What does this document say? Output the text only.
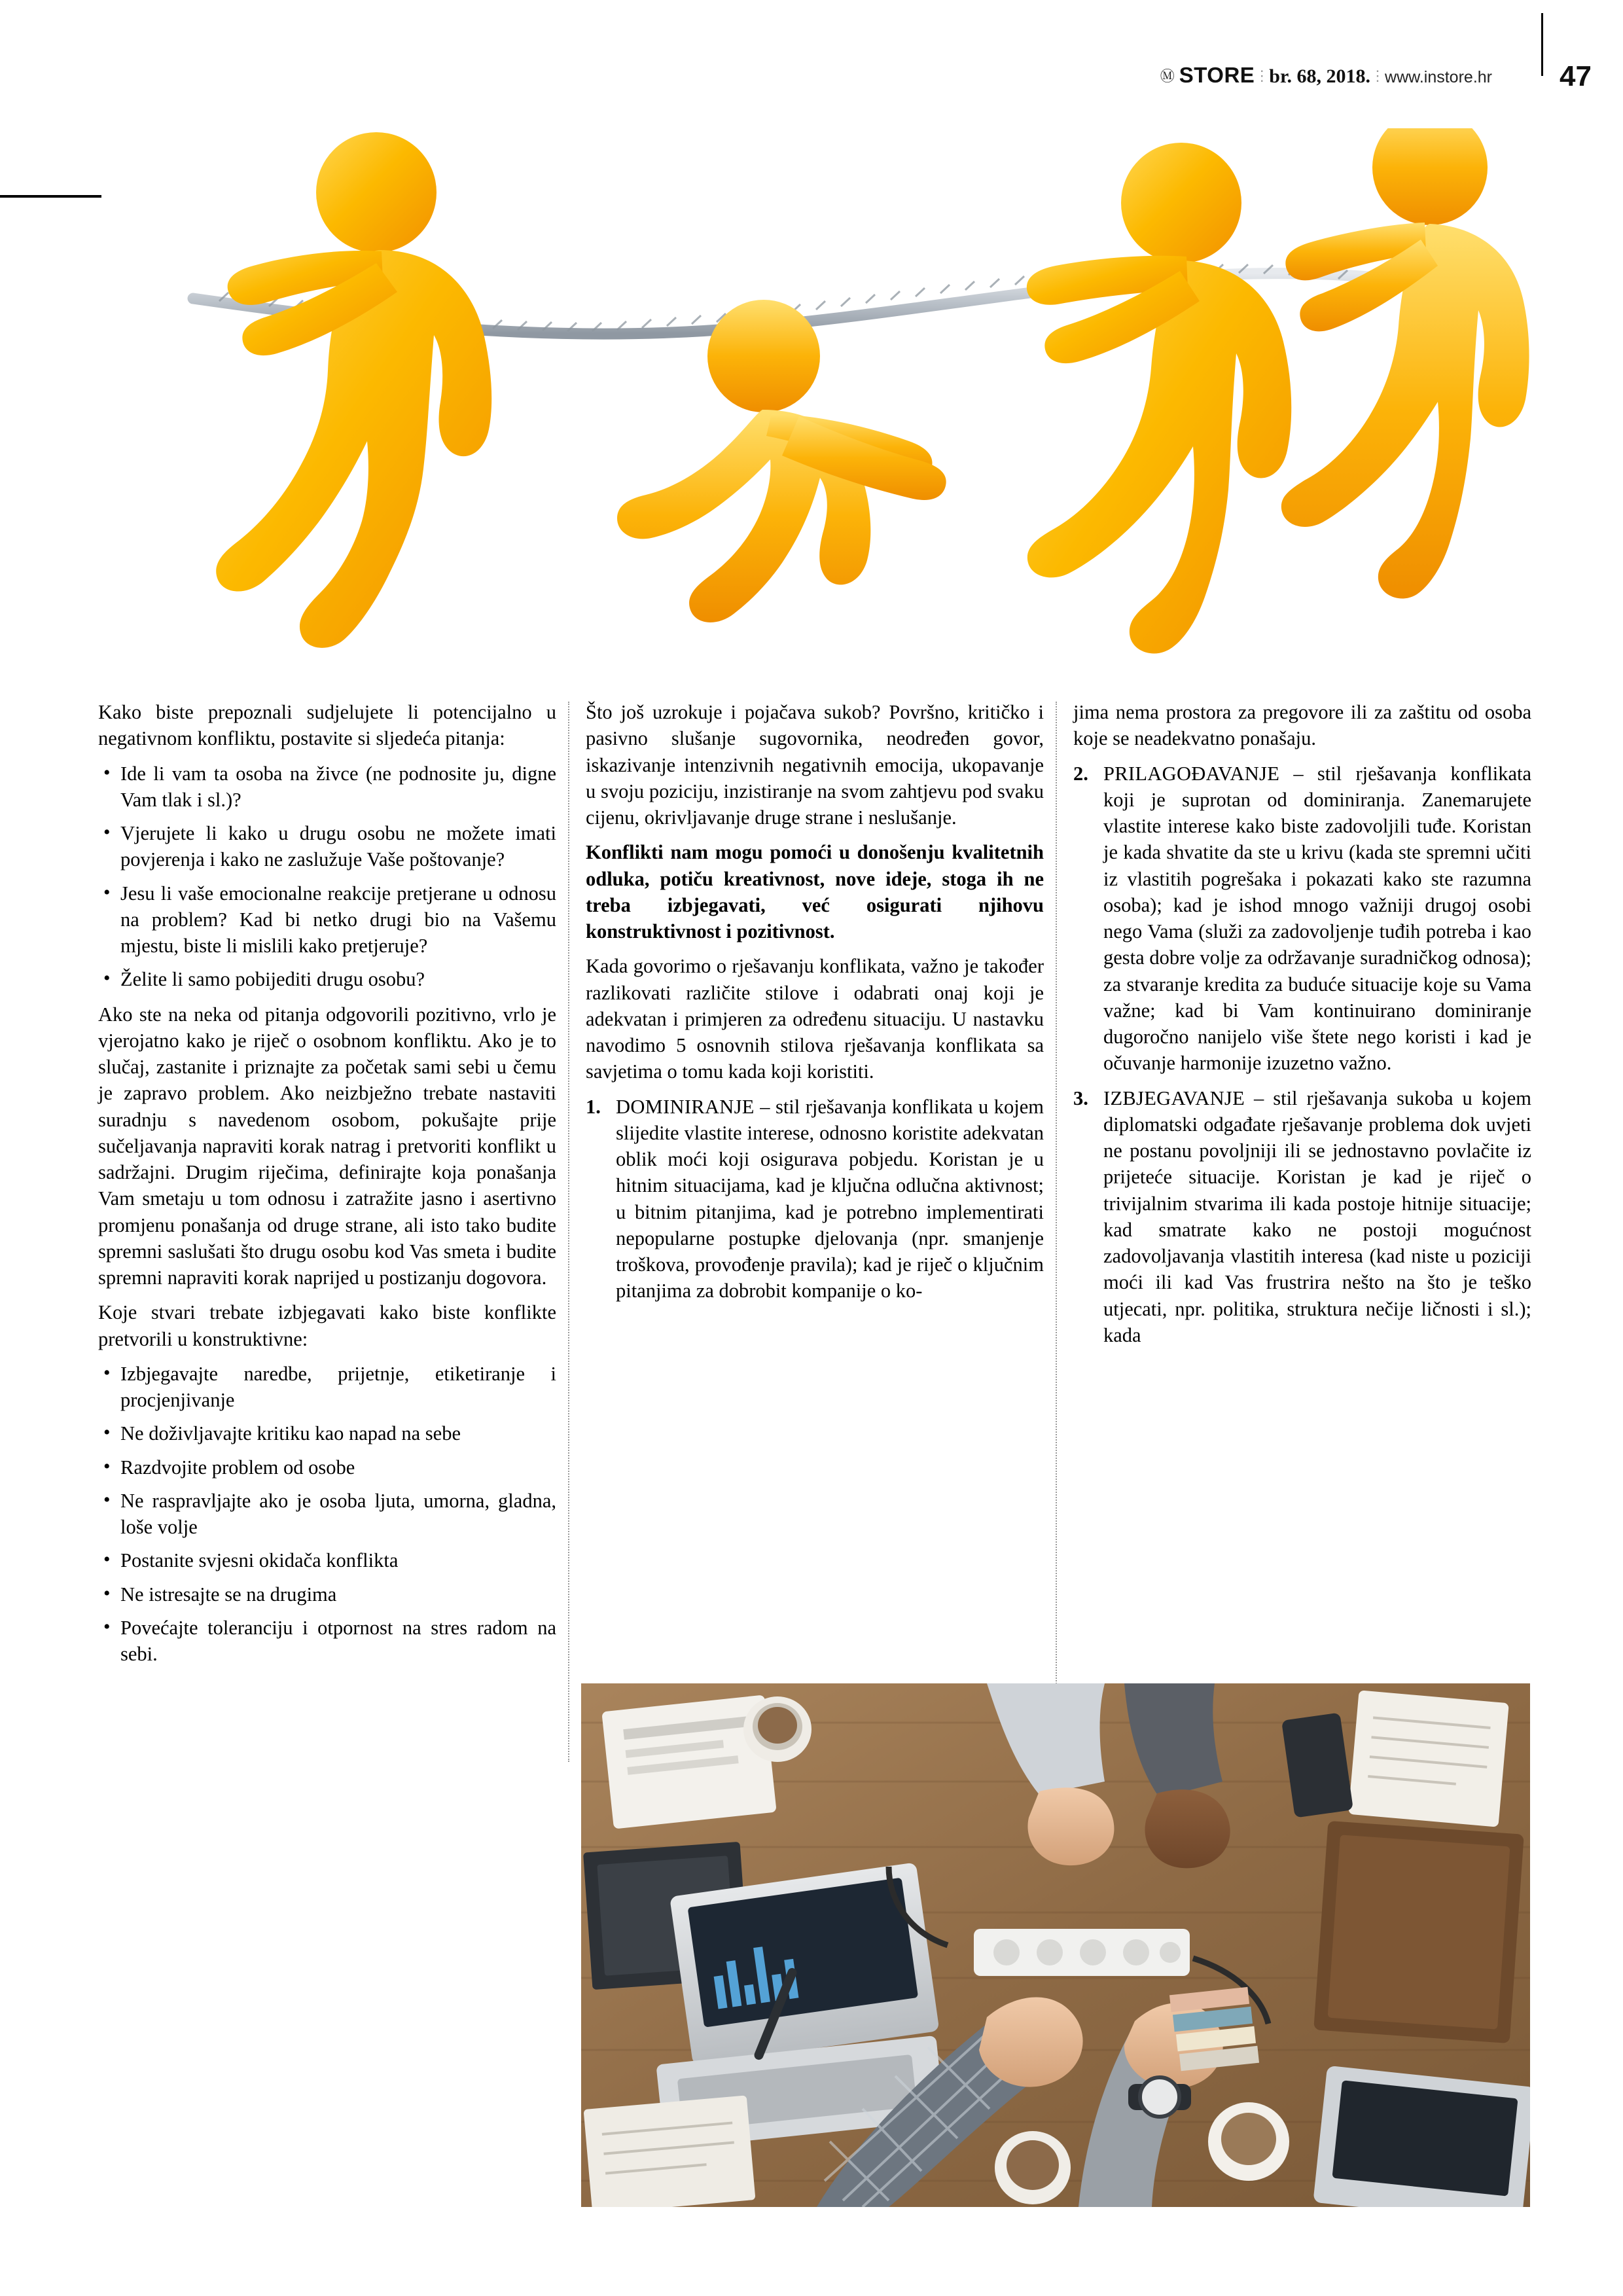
Ⓜ STORE ⋮ br. 68, 2018. ⋮ www.instore.hr 47

Kako biste prepoznali sudjelujete li potencijalno u negativnom konfliktu, postavite si sljedeća pitanja:

• Ide li vam ta osoba na živce (ne podnosite ju, digne Vam tlak i sl.)?
• Vjerujete li kako u drugu osobu ne možete imati povjerenja i kako ne zaslužuje Vaše poštovanje?
• Jesu li vaše emocionalne reakcije pretjerane u odnosu na problem? Kad bi netko drugi bio na Vašemu mjestu, biste li mislili kako pretjeruje?
• Želite li samo pobijediti drugu osobu?

Ako ste na neka od pitanja odgovorili pozitivno, vrlo je vjerojatno kako je riječ o osobnom konfliktu. Ako je to slučaj, zastanite i priznajte za početak sami sebi u čemu je zapravo problem. Ako neizbježno trebate nastaviti suradnju s navedenom osobom, pokušajte prije sučeljavanja napraviti korak natrag i pretvoriti konflikt u sadržajni. Drugim riječima, definirajte koja ponašanja Vam smetaju u tom odnosu i zatražite jasno i asertivno promjenu ponašanja od druge strane, ali isto tako budite spremni saslušati što drugu osobu kod Vas smeta i budite spremni napraviti korak naprijed u postizanju dogovora.

Koje stvari trebate izbjegavati kako biste konflikte pretvorili u konstruktivne:

• Izbjegavajte naredbe, prijetnje, etiketiranje i procjenjivanje
• Ne doživljavajte kritiku kao napad na sebe
• Razdvojite problem od osobe
• Ne raspravljajte ako je osoba ljuta, umorna, gladna, loše volje
• Postanite svjesni okidača konflikta
• Ne istresajte se na drugima
• Povećajte toleranciju i otpornost na stres radom na sebi.

Što još uzrokuje i pojačava sukob? Površno, kritičko i pasivno slušanje sugovornika, neodređen govor, iskazivanje intenzivnih negativnih emocija, ukopavanje u svoju poziciju, inzistiranje na svom zahtjevu pod svaku cijenu, okrivljavanje druge strane i neslušanje.

Konflikti nam mogu pomoći u donošenju kvalitetnih odluka, potiču kreativnost, nove ideje, stoga ih ne treba izbjegavati, već osigurati njihovu konstruktivnost i pozitivnost.

Kada govorimo o rješavanju konflikata, važno je također razlikovati različite stilove i odabrati onaj koji je adekvatan i primjeren za određenu situaciju. U nastavku navodimo 5 osnovnih stilova rješavanja konflikata sa savjetima o tomu kada koji koristiti.

1. DOMINIRANJE – stil rješavanja konflikata u kojem slijedite vlastite interese, odnosno koristite adekvatan oblik moći koji osigurava pobjedu. Koristan je u hitnim situacijama, kad je ključna odlučna aktivnost; u bitnim pitanjima, kad je potrebno implementirati nepopularne postupke djelovanja (npr. smanjenje troškova, provođenje pravila); kad je riječ o ključnim pitanjima za dobrobit kompanije o ko-

jima nema prostora za pregovore ili za zaštitu od osoba koje se neadekvatno ponašaju.

2. PRILAGOĐAVANJE – stil rješavanja konflikata koji je suprotan od dominiranja. Zanemarujete vlastite interese kako biste zadovoljili tuđe. Koristan je kada shvatite da ste u krivu (kada ste spremni učiti iz vlastitih pogrešaka i pokazati kako ste razumna osoba); kad je ishod mnogo važniji drugoj osobi nego Vama (služi za zadovoljenje tuđih potreba i kao gesta dobre volje za održavanje suradničkog odnosa); za stvaranje kredita za buduće situacije koje su Vama važne; kad bi Vam kontinuirano dominiranje dugoročno nanijelo više štete nego koristi i kad je očuvanje harmonije izuzetno važno.
3. IZBJEGAVANJE – stil rješavanja sukoba u kojem diplomatski odgađate rješavanje problema dok uvjeti ne postanu povoljniji ili se jednostavno povlačite iz prijeteće situacije. Koristan je kad je riječ o trivijalnim stvarima ili kada postoje hitnije situacije; kad smatrate kako ne postoji mogućnost zadovoljavanja vlastitih interesa (kad niste u poziciji moći ili kad Vas frustrira nešto na što je teško utjecati, npr. politika, struktura nečije ličnosti i sl.); kada
